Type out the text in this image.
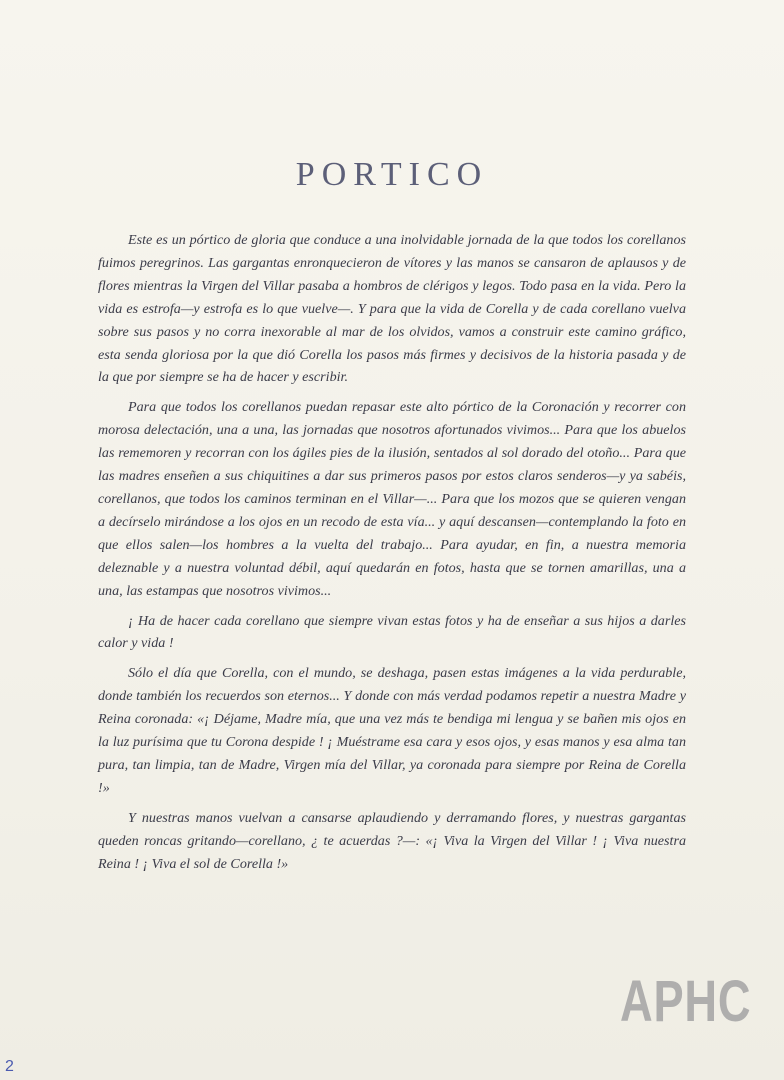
PORTICO

Este es un pórtico de gloria que conduce a una inolvidable jornada de la que todos los corellanos fuimos peregrinos. Las gargantas enronquecieron de vítores y las manos se cansaron de aplausos y de flores mientras la Virgen del Villar pasaba a hombros de clérigos y legos. Todo pasa en la vida. Pero la vida es estrofa—y estrofa es lo que vuelve—. Y para que la vida de Corella y de cada corellano vuelva sobre sus pasos y no corra inexorable al mar de los olvidos, vamos a construir este camino gráfico, esta senda gloriosa por la que dió Corella los pasos más firmes y decisivos de la historia pasada y de la que por siempre se ha de hacer y escribir.

Para que todos los corellanos puedan repasar este alto pórtico de la Coronación y recorrer con morosa delectación, una a una, las jornadas que nosotros afortunados vivimos... Para que los abuelos las rememoren y recorran con los ágiles pies de la ilusión, sentados al sol dorado del otoño... Para que las madres enseñen a sus chiquitines a dar sus primeros pasos por estos claros senderos—y ya sabéis, corellanos, que todos los caminos terminan en el Villar—... Para que los mozos que se quieren vengan a decírselo mirándose a los ojos en un recodo de esta vía... y aquí descansen—contemplando la foto en que ellos salen—los hombres a la vuelta del trabajo... Para ayudar, en fin, a nuestra memoria deleznable y a nuestra voluntad débil, aquí quedarán en fotos, hasta que se tornen amarillas, una a una, las estampas que nosotros vivimos...

¡ Ha de hacer cada corellano que siempre vivan estas fotos y ha de enseñar a sus hijos a darles calor y vida !

Sólo el día que Corella, con el mundo, se deshaga, pasen estas imágenes a la vida perdurable, donde también los recuerdos son eternos... Y donde con más verdad podamos repetir a nuestra Madre y Reina coronada: «¡ Déjame, Madre mía, que una vez más te bendiga mi lengua y se bañen mis ojos en la luz purísima que tu Corona despide ! ¡ Muéstrame esa cara y esos ojos, y esas manos y esa alma tan pura, tan limpia, tan de Madre, Virgen mía del Villar, ya coronada para siempre por Reina de Corella !»

Y nuestras manos vuelvan a cansarse aplaudiendo y derramando flores, y nuestras gargantas queden roncas gritando—corellano, ¿ te acuerdas ?—: «¡ Viva la Virgen del Villar ! ¡ Viva nuestra Reina ! ¡ Viva el sol de Corella !»

APHC
2
